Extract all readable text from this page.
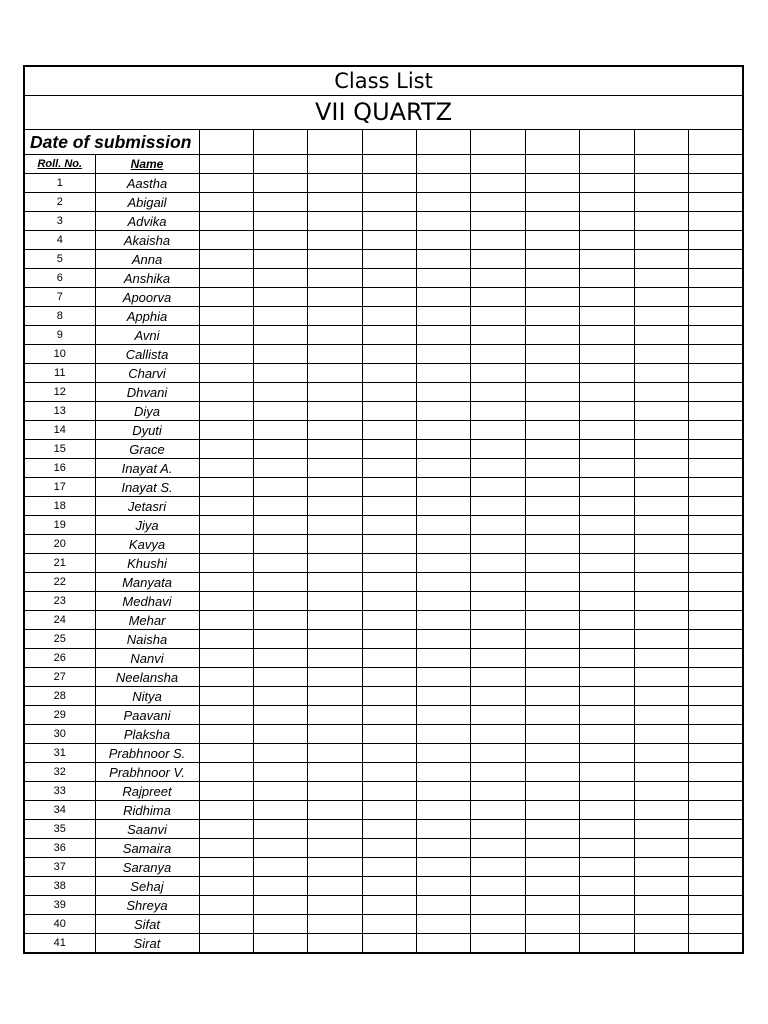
Class List											
VII QUARTZ											
Date of submission											
Roll. No.	Name										
1	Aastha										
2	Abigail										
3	Advika										
4	Akaisha										
5	Anna										
6	Anshika										
7	Apoorva										
8	Apphia										
9	Avni										
10	Callista										
11	Charvi										
12	Dhvani										
13	Diya										
14	Dyuti										
15	Grace										
16	Inayat A.										
17	Inayat S.										
18	Jetasri										
19	Jiya										
20	Kavya										
21	Khushi										
22	Manyata										
23	Medhavi										
24	Mehar										
25	Naisha										
26	Nanvi										
27	Neelansha										
28	Nitya										
29	Paavani										
30	Plaksha										
31	Prabhnoor S.										
32	Prabhnoor V.										
33	Rajpreet										
34	Ridhima										
35	Saanvi										
36	Samaira										
37	Saranya										
38	Sehaj										
39	Shreya										
40	Sifat										
41	Sirat										
